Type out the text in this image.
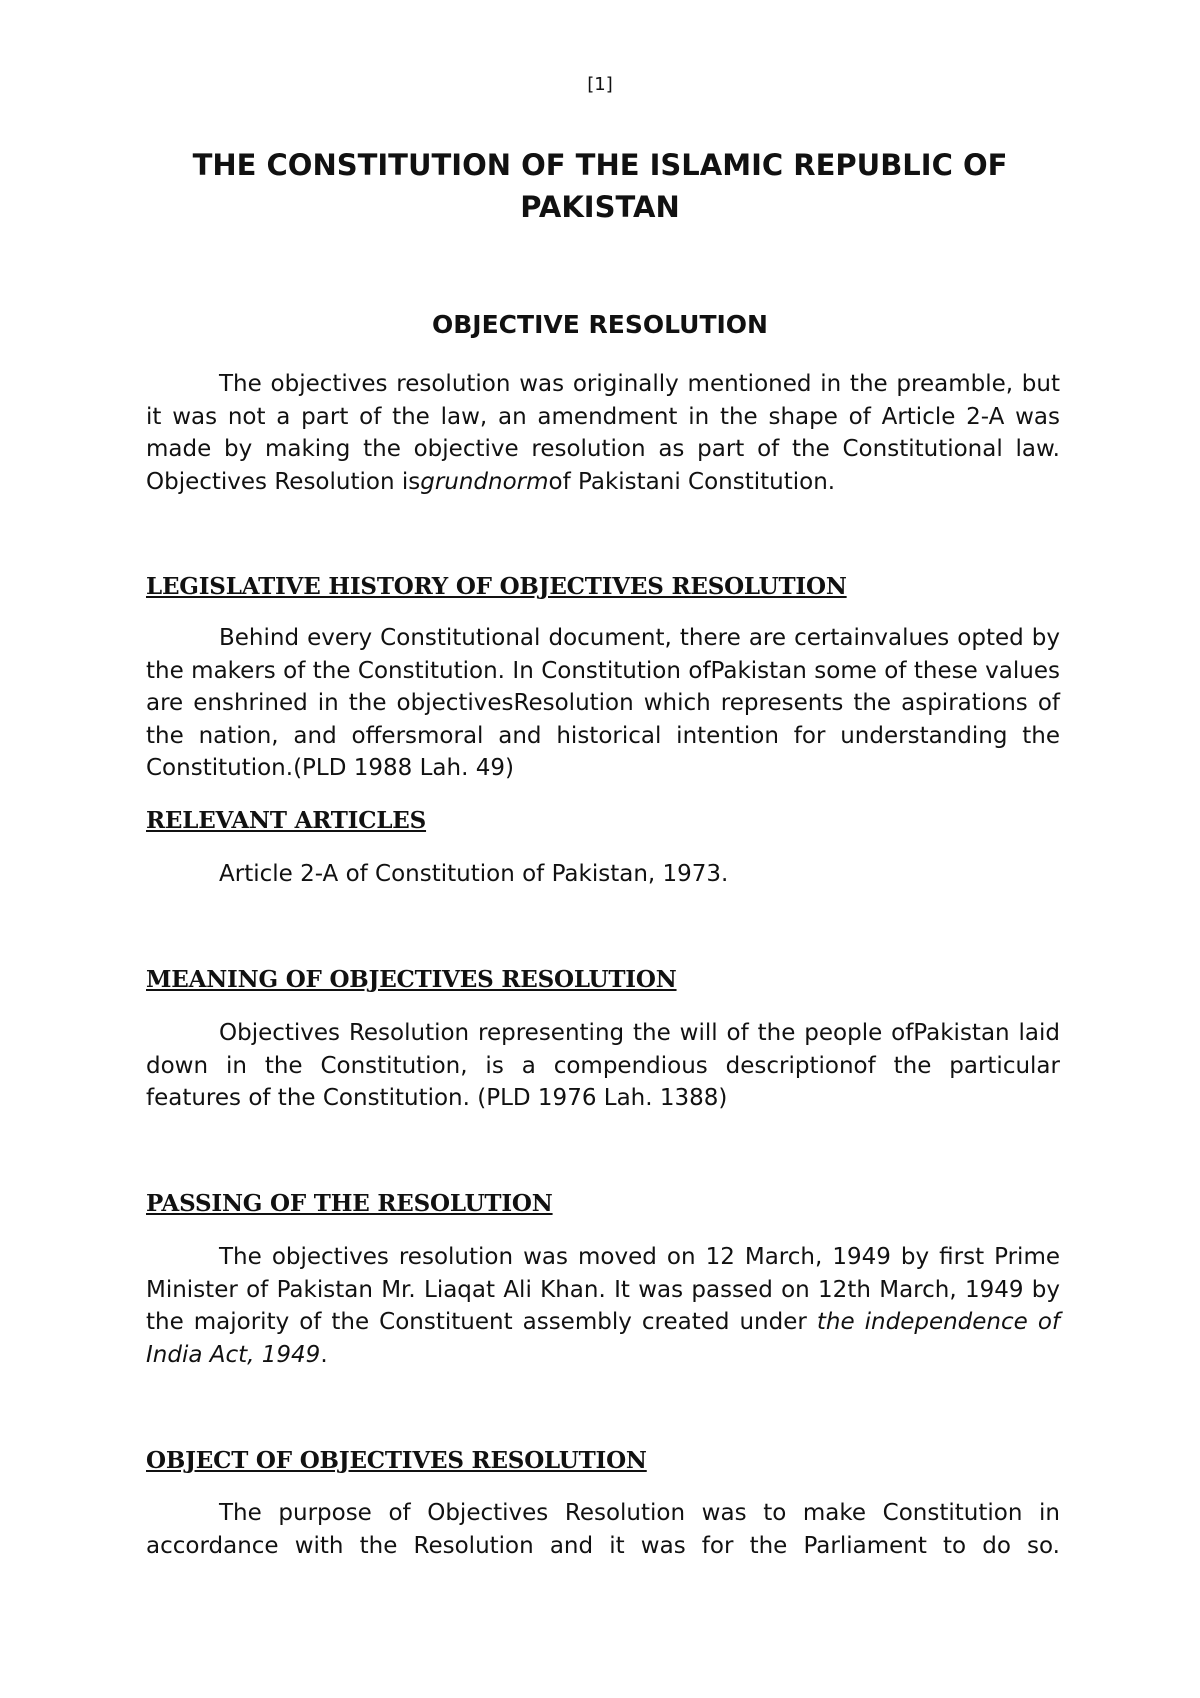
[1]
THE CONSTITUTION OF THE ISLAMIC REPUBLIC OF PAKISTAN
OBJECTIVE RESOLUTION

The objectives resolution was originally mentioned in the preamble, but it was not a part of the law, an amendment in the shape of Article 2-A was made by making the objective resolution as part of the Constitutional law. Objectives Resolution isgrundnormof Pakistani Constitution.

LEGISLATIVE HISTORY OF OBJECTIVES RESOLUTION

Behind every Constitutional document, there are certainvalues opted by the makers of the Constitution. In Constitution ofPakistan some of these values are enshrined in the objectivesResolution which represents the aspirations of the nation, and offersmoral and historical intention for understanding the Constitution.(PLD 1988 Lah. 49)

RELEVANT ARTICLES

Article 2-A of Constitution of Pakistan, 1973.

MEANING OF OBJECTIVES RESOLUTION

Objectives Resolution representing the will of the people ofPakistan laid down in the Constitution, is a compendious descriptionof the particular features of the Constitution. (PLD 1976 Lah. 1388)

PASSING OF THE RESOLUTION

The objectives resolution was moved on 12 March, 1949 by first Prime Minister of Pakistan Mr. Liaqat Ali Khan. It was passed on 12th March, 1949 by the majority of the Constituent assembly created under the independence of India Act, 1949.

OBJECT OF OBJECTIVES RESOLUTION

The purpose of Objectives Resolution was to make Constitution in accordance with the Resolution and it was for the Parliament to do so.
